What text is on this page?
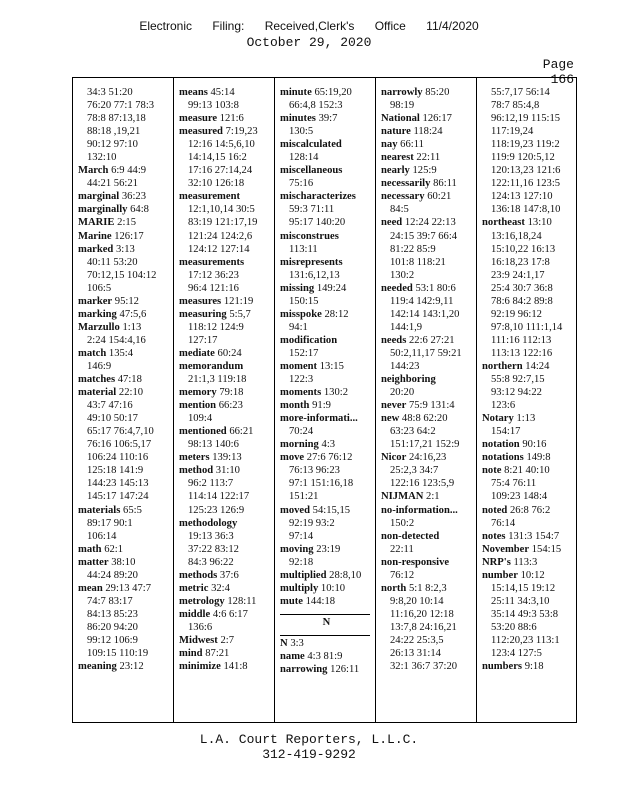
Electronic Filing: Received,Clerk's Office 11/4/2020
October 29, 2020
Page 166

34:3 51:20

76:20 77:1 78:3

78:8 87:13,18

88:18 ,19,21

90:12 97:10

132:10

March 6:9 44:9

44:21 56:21

marginal 36:23

marginally 64:8

MARIE 2:15

Marine 126:17

marked 3:13

40:11 53:20

70:12,15 104:12

106:5

marker 95:12

marking 47:5,6

Marzullo 1:13

2:24 154:4,16

match 135:4

146:9

matches 47:18

material 22:10

43:7 47:16

49:10 50:17

65:17 76:4,7,10

76:16 106:5,17

106:24 110:16

125:18 141:9

144:23 145:13

145:17 147:24

materials 65:5

89:17 90:1

106:14

math 62:1

matter 38:10

44:24 89:20

mean 29:13 47:7

74:7 83:17

84:13 85:23

86:20 94:20

99:12 106:9

109:15 110:19

meaning 23:12

means 45:14

99:13 103:8

measure 121:6

measured 7:19,23

12:16 14:5,6,10

14:14,15 16:2

17:16 27:14,24

32:10 126:18

measurement

12:1,10,14 30:5

83:19 121:17,19

121:24 124:2,6

124:12 127:14

measurements

17:12 36:23

96:4 121:16

measures 121:19

measuring 5:5,7

118:12 124:9

127:17

mediate 60:24

memorandum

21:1,3 119:18

memory 79:18

mention 66:23

109:4

mentioned 66:21

98:13 140:6

meters 139:13

method 31:10

96:2 113:7

114:14 122:17

125:23 126:9

methodology

19:13 36:3

37:22 83:12

84:3 96:22

methods 37:6

metric 32:4

metrology 128:11

middle 4:6 6:17

136:6

Midwest 2:7

mind 87:21

minimize 141:8

minute 65:19,20

66:4,8 152:3

minutes 39:7

130:5

miscalculated

128:14

miscellaneous

75:16

mischaracterizes

59:3 71:11

95:17 140:20

misconstrues

113:11

misrepresents

131:6,12,13

missing 149:24

150:15

misspoke 28:12

94:1

modification

152:17

moment 13:15

122:3

moments 130:2

month 91:9

more-informati...

70:24

morning 4:3

move 27:6 76:12

76:13 96:23

97:1 151:16,18

151:21

moved 54:15,15

92:19 93:2

97:14

moving 23:19

92:18

multiplied 28:8,10

multiply 10:10

mute 144:18

N

N 3:3

name 4:3 81:9

narrowing 126:11

narrowly 85:20

98:19

National 126:17

nature 118:24

nay 66:11

nearest 22:11

nearly 125:9

necessarily 86:11

necessary 60:21

84:5

need 12:24 22:13

24:15 39:7 66:4

81:22 85:9

101:8 118:21

130:2

needed 53:1 80:6

119:4 142:9,11

142:14 143:1,20

144:1,9

needs 22:6 27:21

50:2,11,17 59:21

144:23

neighboring

20:20

never 75:9 131:4

new 48:8 62:20

63:23 64:2

151:17,21 152:9

Nicor 24:16,23

25:2,3 34:7

122:16 123:5,9

NIJMAN 2:1

no-information...

150:2

non-detected

22:11

non-responsive

76:12

north 5:1 8:2,3

9:8,20 10:14

11:16,20 12:18

13:7,8 24:16,21

24:22 25:3,5

26:13 31:14

32:1 36:7 37:20

55:7,17 56:14

78:7 85:4,8

96:12,19 115:15

117:19,24

118:19,23 119:2

119:9 120:5,12

120:13,23 121:6

122:11,16 123:5

124:13 127:10

136:18 147:8,10

northeast 13:10

13:16,18,24

15:10,22 16:13

16:18,23 17:8

23:9 24:1,17

25:4 30:7 36:8

78:6 84:2 89:8

92:19 96:12

97:8,10 111:1,14

111:16 112:13

113:13 122:16

northern 14:24

55:8 92:7,15

93:12 94:22

123:6

Notary 1:13

154:17

notation 90:16

notations 149:8

note 8:21 40:10

75:4 76:11

109:23 148:4

noted 26:8 76:2

76:14

notes 131:3 154:7

November 154:15

NRP's 113:3

number 10:12

15:14,15 19:12

25:11 34:3,10

35:14 49:3 53:8

53:20 88:6

112:20,23 113:1

123:4 127:5

numbers 9:18

L.A. Court Reporters, L.L.C.
312-419-9292
